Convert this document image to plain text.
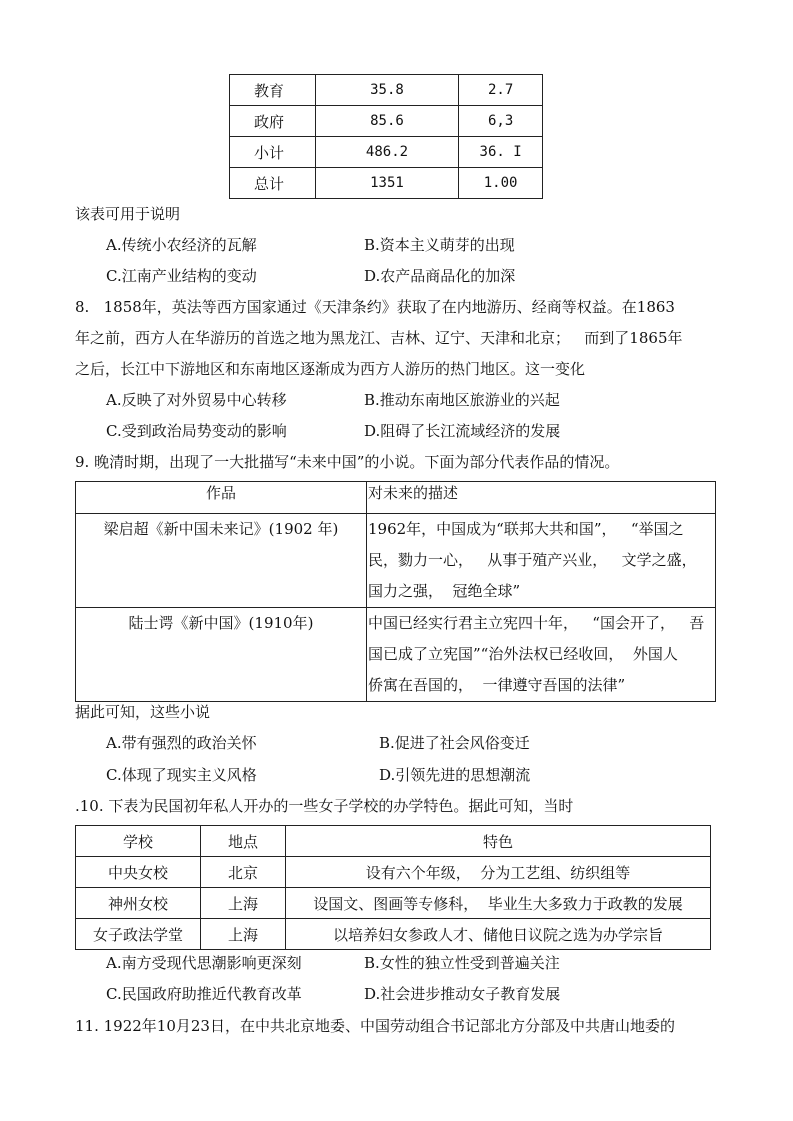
教育	35.8	2.7
政府	85.6	6,3
小计	486.2	36. I
总计	1351	1.00
该表可用于说明
A.传统小农经济的瓦解	B.资本主义萌芽的出现
C.江南产业结构的变动	D.农产品商品化的加深
8.   1858年，英法等西方国家通过《天津条约》获取了在内地游历、经商等权益。在1863
年之前，西方人在华游历的首选之地为黑龙江、吉林、辽宁、天津和北京；   而到了1865年
之后，长江中下游地区和东南地区逐渐成为西方人游历的热门地区。这一变化
A.反映了对外贸易中心转移	B.推动东南地区旅游业的兴起
C.受到政治局势变动的影响	D.阻碍了长江流域经济的发展
9. 晚清时期，出现了一大批描写“未来中国”的小说。下面为部分代表作品的情况。
作品	对未来的描述
梁启超《新中国未来记》(1902 年)	1962年，中国成为“联邦大共和国”，   “举国之
民，勠力一心，   从事于殖产兴业，   文学之盛，
国力之强，  冠绝全球”

陆士谔《新中国》(1910年)	中国已经实行君主立宪四十年，   “国会开了，   吾
国已成了立宪国”“治外法权已经收回，  外国人
侨寓在吾国的，  一律遵守吾国的法律”
据此可知，这些小说
A.带有强烈的政治关怀	B.促进了社会风俗变迁
C.体现了现实主义风格	D.引领先进的思想潮流
.10. 下表为民国初年私人开办的一些女子学校的办学特色。据此可知，当时
学校	地点	特色
中央女校	北京	设有六个年级，  分为工艺组、纺织组等
神州女校	上海	设国文、图画等专修科，  毕业生大多致力于政教的发展
女子政法学堂	上海	以培养妇女参政人才、储他日议院之选为办学宗旨
A.南方受现代思潮影响更深刻	B.女性的独立性受到普遍关注
C.民国政府助推近代教育改革	D.社会进步推动女子教育发展
11. 1922年10月23日，在中共北京地委、中国劳动组合书记部北方分部及中共唐山地委的
